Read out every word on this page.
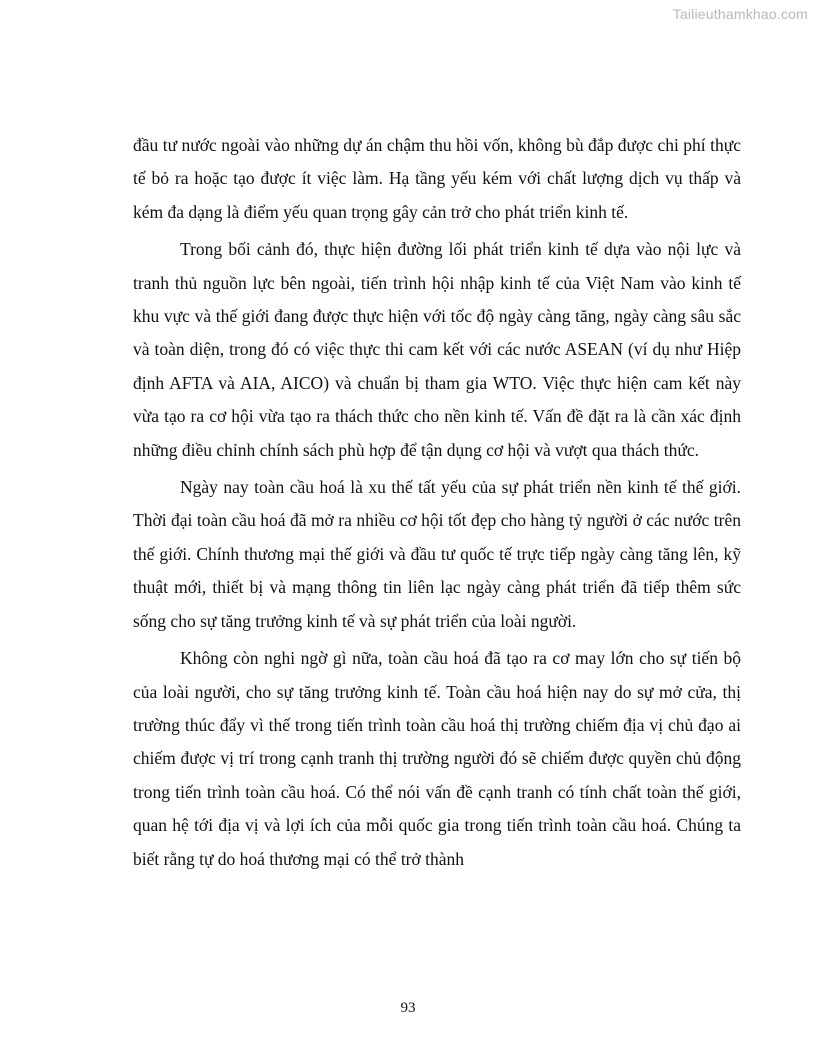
Tailieuthamkhao.com

đầu tư nước ngoài vào những dự án chậm thu hồi vốn, không bù đắp được chi phí thực tế bỏ ra hoặc tạo được ít việc làm. Hạ tầng yếu kém với chất lượng dịch vụ thấp và kém đa dạng là điểm yếu quan trọng gây cản trở cho phát triển kinh tế.

Trong bối cảnh đó, thực hiện đường lối phát triển kinh tế dựa vào nội lực và tranh thủ nguồn lực bên ngoài, tiến trình hội nhập kinh tế của Việt Nam vào kinh tế khu vực và thế giới đang được thực hiện với tốc độ ngày càng tăng, ngày càng sâu sắc và toàn diện, trong đó có việc thực thi cam kết với các nước ASEAN (ví dụ như Hiệp định AFTA và AIA, AICO) và chuẩn bị tham gia WTO. Việc thực hiện cam kết này vừa tạo ra cơ hội vừa tạo ra thách thức cho nền kinh tế. Vấn đề đặt ra là cần xác định những điều chỉnh chính sách phù hợp để tận dụng cơ hội và vượt qua thách thức.

Ngày nay toàn cầu hoá là xu thế tất yếu của sự phát triển nền kinh tế thế giới. Thời đại toàn cầu hoá đã mở ra nhiều cơ hội tốt đẹp cho hàng tỷ người ở các nước trên thế giới. Chính thương mại thế giới và đầu tư quốc tế trực tiếp ngày càng tăng lên, kỹ thuật mới, thiết bị và mạng thông tin liên lạc ngày càng phát triển đã tiếp thêm sức sống cho sự tăng trưởng kinh tế và sự phát triển của loài người.

Không còn nghi ngờ gì nữa, toàn cầu hoá đã tạo ra cơ may lớn cho sự tiến bộ của loài người, cho sự tăng trưởng kinh tế. Toàn cầu hoá hiện nay do sự mở cửa, thị trường thúc đẩy vì thế trong tiến trình toàn cầu hoá thị trường chiếm địa vị chủ đạo ai chiếm được vị trí trong cạnh tranh thị trường người đó sẽ chiếm được quyền chủ động trong tiến trình toàn cầu hoá. Có thể nói vấn đề cạnh tranh có tính chất toàn thế giới, quan hệ tới địa vị và lợi ích của mỗi quốc gia trong tiến trình toàn cầu hoá. Chúng ta biết rằng tự do hoá thương mại có thể trở thành

93
